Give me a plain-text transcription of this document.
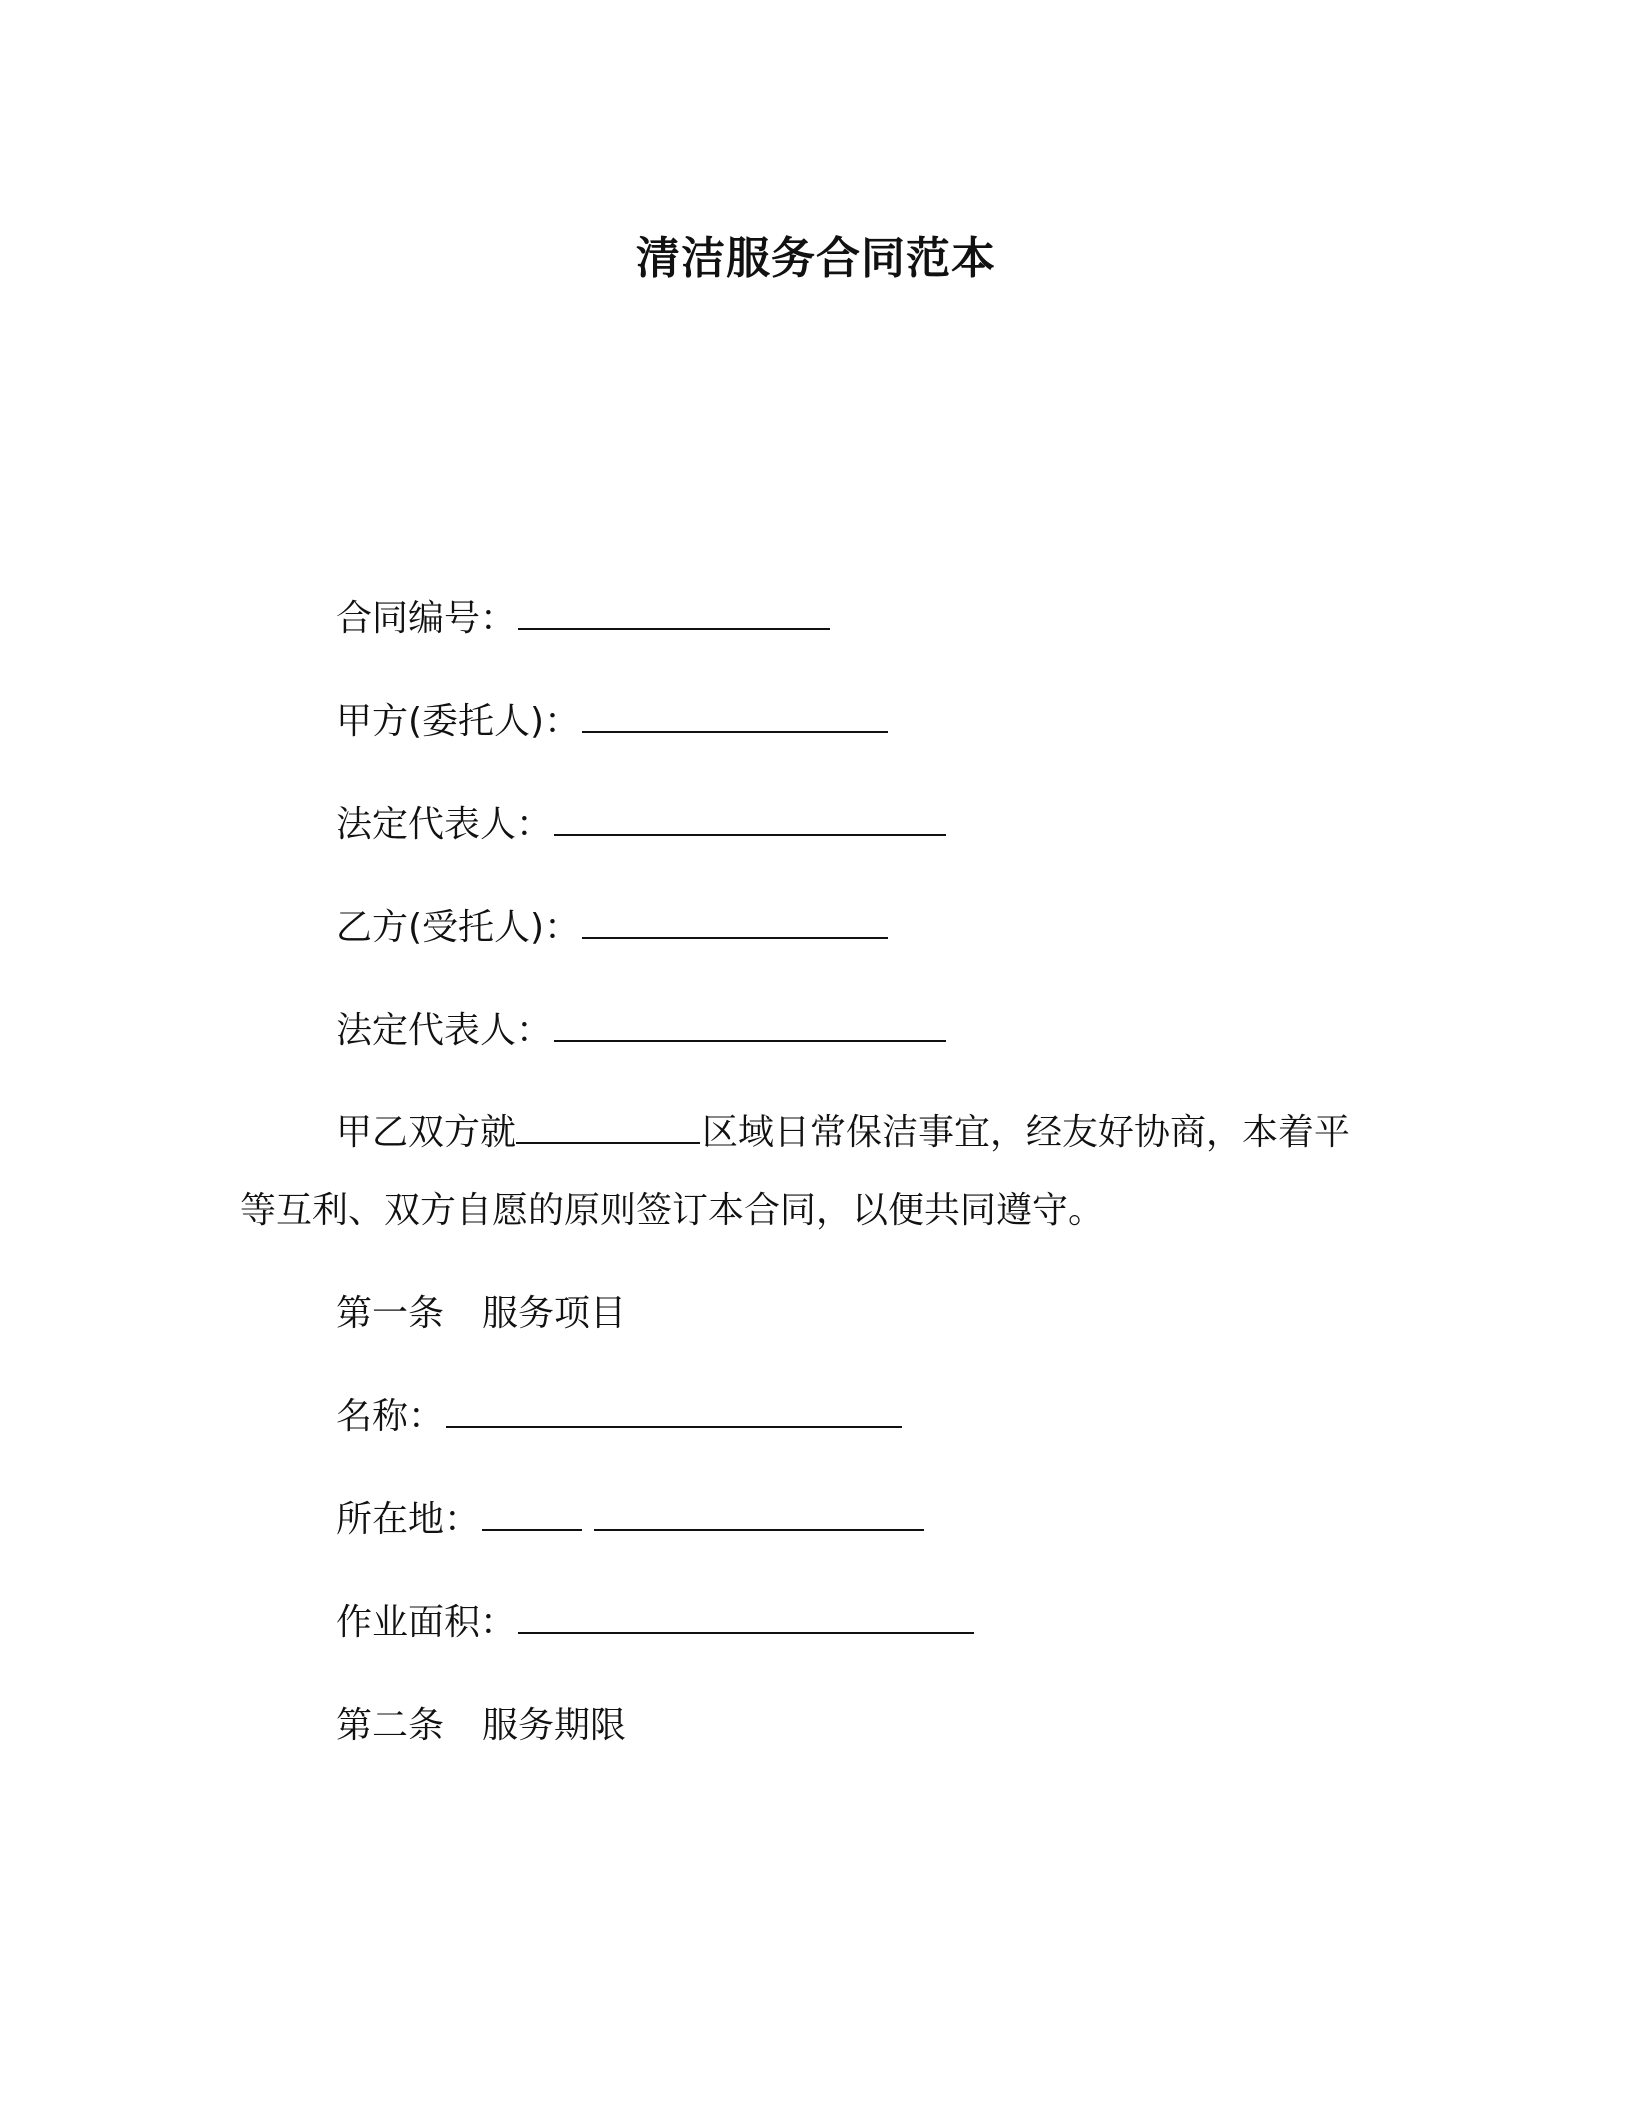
清洁服务合同范本
合同编号：
甲方(委托人)：
法定代表人：
乙方(受托人)：
法定代表人：
甲乙双方就	区域日常保洁事宜，经友好协商，本着平等互利、双方自愿的原则签订本合同，以便共同遵守。
第一条 服务项目
名称：
所在地：
作业面积：
第二条 服务期限
